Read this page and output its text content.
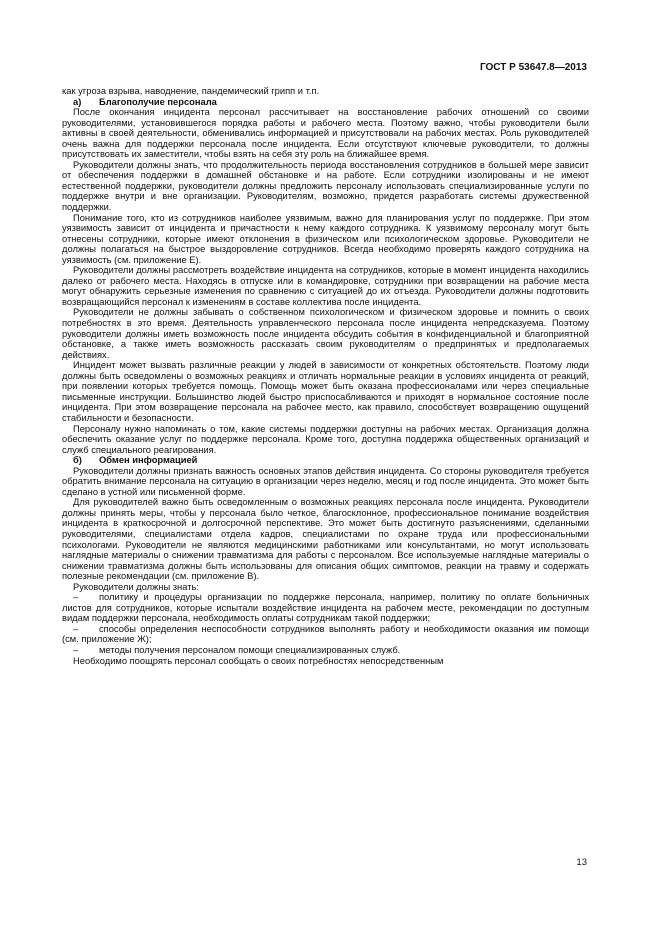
ГОСТ Р 53647.8—2013

как угроза взрыва, наводнение, пандемический грипп и т.п.

а) Благополучие персонала

После окончания инцидента персонал рассчитывает на восстановление рабочих отношений со своими руководителями, установившегося порядка работы и рабочего места. Поэтому важно, чтобы руководители были активны в своей деятельности, обменивались информацией и присутствовали на рабочих местах. Роль руководителей очень важна для поддержки персонала после инцидента. Если отсутствуют ключевые руководители, то должны присутствовать их заместители, чтобы взять на себя эту роль на ближайшее время.

Руководители должны знать, что продолжительность периода восстановления сотрудников в большей мере зависит от обеспечения поддержки в домашней обстановке и на работе. Если сотрудники изолированы и не имеют естественной поддержки, руководители должны предложить персоналу использовать специализированные услуги по поддержке внутри и вне организации. Руководителям, возможно, придется разработать системы дружественной поддержки.

Понимание того, кто из сотрудников наиболее уязвимым, важно для планирования услуг по поддержке. При этом уязвимость зависит от инцидента и причастности к нему каждого сотрудника. К уязвимому персоналу могут быть отнесены сотрудники, которые имеют отклонения в физическом или психологическом здоровье. Руководители не должны полагаться на быстрое выздоровление сотрудников. Всегда необходимо проверять каждого сотрудника на уязвимость (см. приложение Е).

Руководители должны рассмотреть воздействие инцидента на сотрудников, которые в момент инцидента находились далеко от рабочего места. Находясь в отпуске или в командировке, сотрудники при возвращении на рабочие места могут обнаружить серьезные изменения по сравнению с ситуацией до их отъезда. Руководители должны подготовить возвращающийся персонал к изменениям в составе коллектива после инцидента.

Руководители не должны забывать о собственном психологическом и физическом здоровье и помнить о своих потребностях в это время. Деятельность управленческого персонала после инцидента непредсказуема. Поэтому руководители должны иметь возможность после инцидента обсудить события в конфиденциальной и благоприятной обстановке, а также иметь возможность рассказать своим руководителям о предпринятых и предполагаемых действиях.

Инцидент может вызвать различные реакции у людей в зависимости от конкретных обстоятельств. Поэтому люди должны быть осведомлены о возможных реакциях и отличать нормальные реакции в условиях инцидента от реакций, при появлении которых требуется помощь. Помощь может быть оказана профессионалами или через специальные письменные инструкции. Большинство людей быстро приспосабливаются и приходят в нормальное состояние после инцидента. При этом возвращение персонала на рабочее место, как правило, способствует возвращению ощущений стабильности и безопасности.

Персоналу нужно напоминать о том, какие системы поддержки доступны на рабочих местах. Организация должна обеспечить оказание услуг по поддержке персонала. Кроме того, доступна поддержка общественных организаций и служб специального реагирования.

б) Обмен информацией

Руководители должны признать важность основных этапов действия инцидента. Со стороны руководителя требуется обратить внимание персонала на ситуацию в организации через неделю, месяц и год после инцидента. Это может быть сделано в устной или письменной форме.

Для руководителей важно быть осведомленным о возможных реакциях персонала после инцидента. Руководители должны принять меры, чтобы у персонала было четкое, благосклонное, профессиональное понимание воздействия инцидента в краткосрочной и долгосрочной перспективе. Это может быть достигнуто разъяснениями, сделанными руководителями, специалистами отдела кадров, специалистами по охране труда или профессиональными психологами. Руководители не являются медицинскими работниками или консультантами, но могут использовать наглядные материалы о снижении травматизма для работы с персоналом. Все используемые наглядные материалы о снижении травматизма должны быть использованы для описания общих симптомов, реакции на травму и содержать полезные рекомендации (см. приложение В).

Руководители должны знать:

– политику и процедуры организации по поддержке персонала, например, политику по оплате больничных листов для сотрудников, которые испытали воздействие инцидента на рабочем месте, рекомендации по доступным видам поддержки персонала, необходимость оплаты сотрудникам такой поддержки;

– способы определения неспособности сотрудников выполнять работу и необходимости оказания им помощи (см. приложение Ж);

– методы получения персоналом помощи специализированных служб.

Необходимо поощрять персонал сообщать о своих потребностях непосредственным

13
